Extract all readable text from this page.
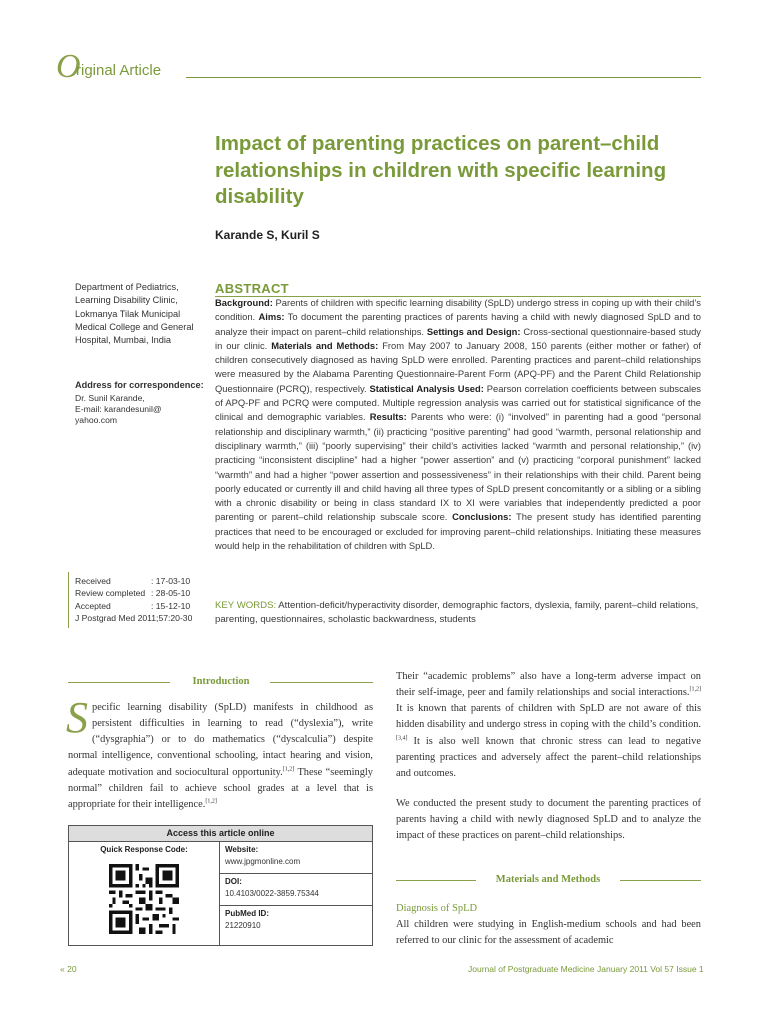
O
riginal Article
Impact of parenting practices on parent–child relationships in children with specific learning disability
Karande S, Kuril S
Department of Pediatrics, Learning Disability Clinic, Lokmanya Tilak Municipal Medical College and General Hospital, Mumbai, India
Address for correspondence:
Dr. Sunil Karande,
E-mail: karandesunil@
yahoo.com
Received	: 17-03-10
Review completed	: 28-05-10
Accepted	: 15-12-10
J Postgrad Med 2011;57:20-30
ABSTRACT
Background: Parents of children with specific learning disability (SpLD) undergo stress in coping up with their child’s condition. Aims: To document the parenting practices of parents having a child with newly diagnosed SpLD and to analyze their impact on parent–child relationships. Settings and Design: Cross-sectional questionnaire-based study in our clinic. Materials and Methods: From May 2007 to January 2008, 150 parents (either mother or father) of children consecutively diagnosed as having SpLD were enrolled. Parenting practices and parent–child relationships were measured by the Alabama Parenting Questionnaire-Parent Form (APQ-PF) and the Parent Child Relationship Questionnaire (PCRQ), respectively. Statistical Analysis Used: Pearson correlation coefficients between subscales of APQ-PF and PCRQ were computed. Multiple regression analysis was carried out for statistical significance of the clinical and demographic variables. Results: Parents who were: (i) “involved” in parenting had a good “personal relationship and disciplinary warmth,” (ii) practicing “positive parenting” had good “warmth, personal relationship and disciplinary warmth,” (iii) “poorly supervising” their child’s activities lacked “warmth and personal relationship,” (iv) practicing “inconsistent discipline” had a higher “power assertion” and (v) practicing “corporal punishment” lacked “warmth” and had a higher “power assertion and possessiveness” in their relationships with their child. Parent being poorly educated or currently ill and child having all three types of SpLD present concomitantly or a sibling or a sibling with a chronic disability or being in class standard IX to XI were variables that independently predicted a poor parenting or parent–child relationship subscale score. Conclusions: The present study has identified parenting practices that need to be encouraged or excluded for improving parent–child relationships. Initiating these measures would help in the rehabilitation of children with SpLD.
KEY WORDS: Attention-deficit/hyperactivity disorder, demographic factors, dyslexia, family, parent–child relations, parenting, questionnaires, scholastic backwardness, students
Introduction
Specific learning disability (SpLD) manifests in childhood as persistent difficulties in learning to read (“dyslexia”), write (“dysgraphia”) or to do mathematics (“dyscalculia”) despite normal intelligence, conventional schooling, intact hearing and vision, adequate motivation and sociocultural opportunity.[1,2] These “seemingly normal” children fail to achieve school grades at a level that is appropriate for their intelligence.[1,2]
Access this article online
Quick Response Code:	Website:
www.jpgmonline.com
DOI:
10.4103/0022-3859.75344
PubMed ID:
21220910
Their “academic problems” also have a long-term adverse impact on their self-image, peer and family relationships and social interactions.[1,2] It is known that parents of children with SpLD are not aware of this hidden disability and undergo stress in coping with the child’s condition.[3,4] It is also well known that chronic stress can lead to negative parenting practices and adversely affect the parent–child relationships and outcomes.
We conducted the present study to document the parenting practices of parents having a child with newly diagnosed SpLD and to analyze the impact of these practices on parent–child relationships.
Materials and Methods
Diagnosis of SpLD
All children were studying in English-medium schools and had been referred to our clinic for the assessment of academic
« 20	Journal of Postgraduate Medicine January 2011 Vol 57 Issue 1
